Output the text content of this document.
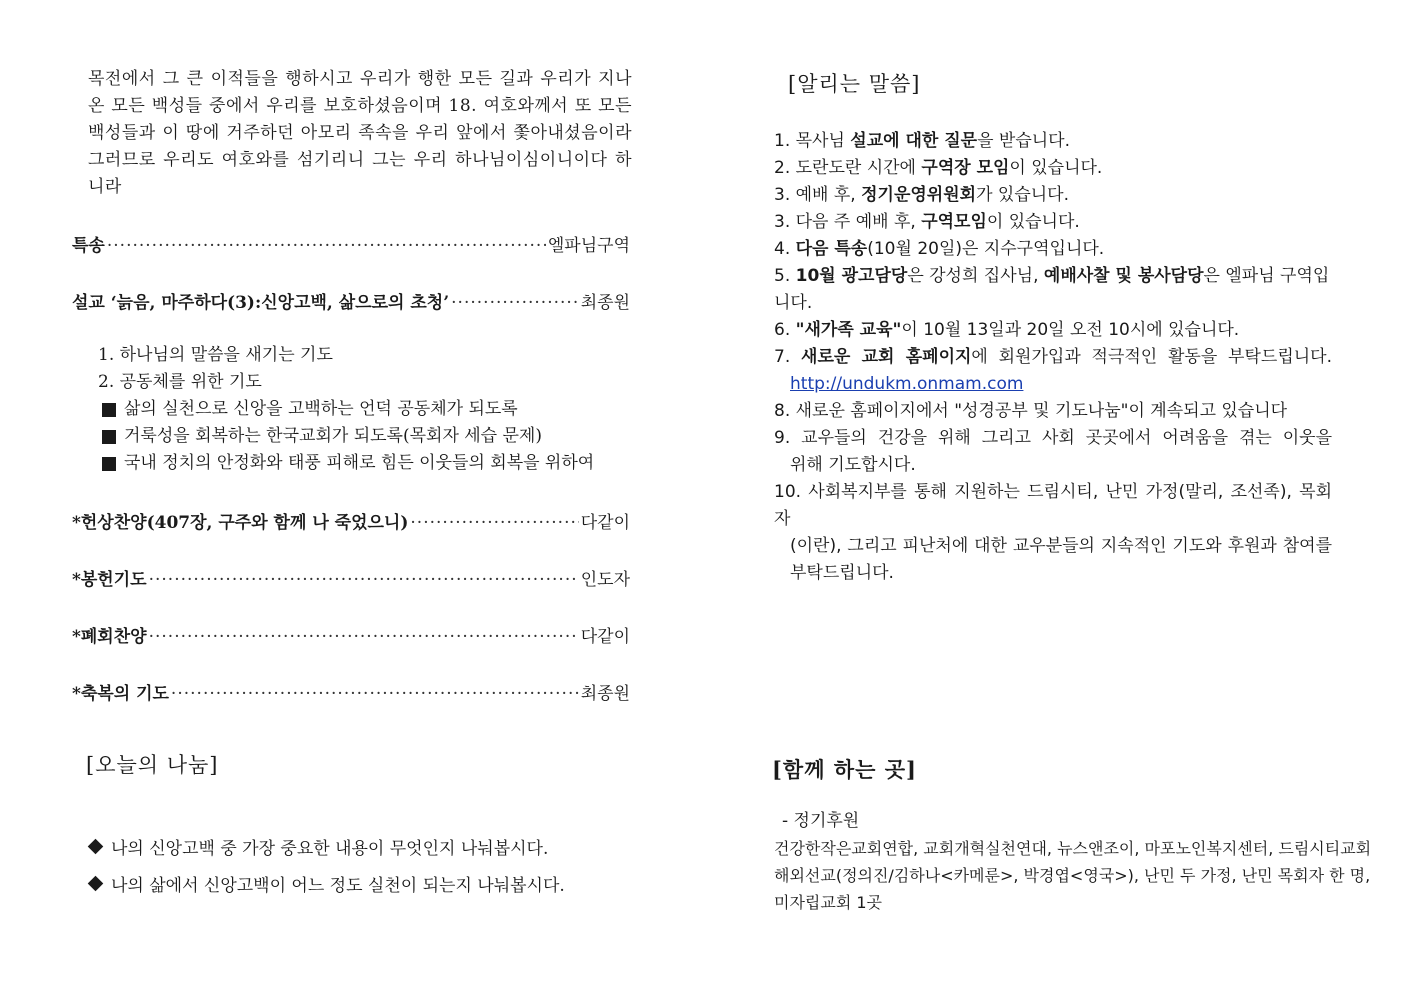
목전에서 그 큰 이적들을 행하시고 우리가 행한 모든 길과 우리가 지나온 모든 백성들 중에서 우리를 보호하셨음이며 18. 여호와께서 또 모든 백성들과 이 땅에 거주하던 아모리 족속을 우리 앞에서 쫓아내셨음이라 그러므로 우리도 여호와를 섬기리니 그는 우리 하나님이심이니이다 하니라
특송 ·····	엘파님구역
설교 ‘늙음, 마주하다(3):신앙고백, 삶으로의 초청’ ·····	최종원
1. 하나님의 말씀을 새기는 기도
2. 공동체를 위한 기도
삶의 실천으로 신앙을 고백하는 언덕 공동체가 되도록
거룩성을 회복하는 한국교회가 되도록(목회자 세습 문제)
국내 정치의 안정화와 태풍 피해로 힘든 이웃들의 회복을 위하여
*헌상찬양(407장, 구주와 함께 나 죽었으니) ·····	다같이
*봉헌기도 ·····	인도자
*폐회찬양 ·····	다같이
*축복의 기도 ·····	최종원
[오늘의 나눔]
나의 신앙고백 중 가장 중요한 내용이 무엇인지 나눠봅시다.
나의 삶에서 신앙고백이 어느 정도 실천이 되는지 나눠봅시다.
[알리는 말씀]

1. 목사님 설교에 대한 질문을 받습니다.

2. 도란도란 시간에 구역장 모임이 있습니다.

3. 예배 후, 정기운영위원회가 있습니다.

3. 다음 주 예배 후, 구역모임이 있습니다.

4. 다음 특송(10월 20일)은 지수구역입니다.

5. 10월 광고담당은 강성희 집사님, 예배사찰 및 봉사담당은 엘파님 구역입니다.

6. "새가족 교육"이 10월 13일과 20일 오전 10시에 있습니다.

7. 새로운 교회 홈페이지에 회원가입과 적극적인 활동을 부탁드립니다.

http://undukm.onmam.com

8. 새로운 홈페이지에서 "성경공부 및 기도나눔"이 계속되고 있습니다

9. 교우들의 건강을 위해 그리고 사회 곳곳에서 어려움을 겪는 이웃을

위해 기도합시다.

10. 사회복지부를 통해 지원하는 드림시티, 난민 가정(말리, 조선족), 목회자

(이란), 그리고 피난처에 대한 교우분들의 지속적인 기도와 후원과 참여를

부탁드립니다.

[함께 하는 곳]
- 정기후원
건강한작은교회연합, 교회개혁실천연대, 뉴스앤조이, 마포노인복지센터, 드림시티교회
해외선교(정의진/김하나<카메룬>, 박경엽<영국>), 난민 두 가정, 난민 목회자 한 명,
미자립교회 1곳
